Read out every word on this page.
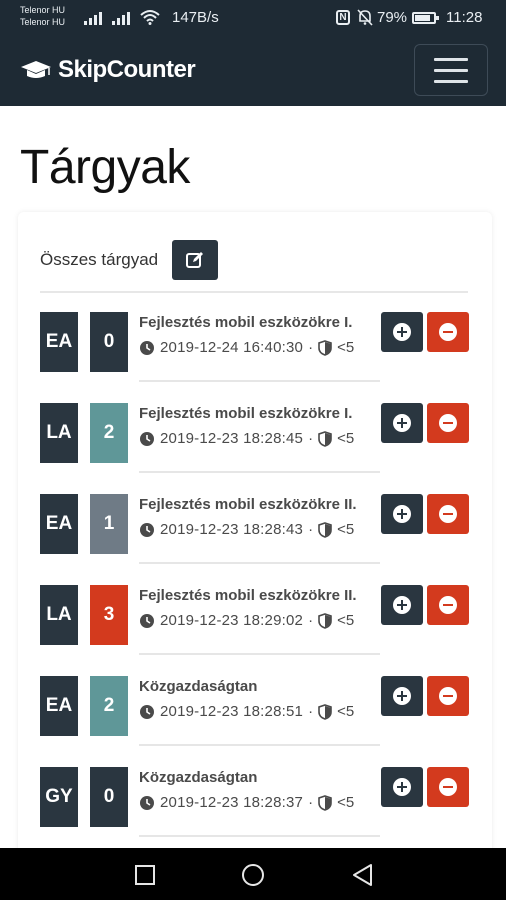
Telenor HU
Telenor HU	147B/s	N 79%	11:28
SkipCounter
Tárgyak
Összes tárgyad
EA	0
Fejlesztés mobil eszközökre I.
2019-12-24 16:40:30 · <5
LA	2
Fejlesztés mobil eszközökre I.
2019-12-23 18:28:45 · <5
EA	1
Fejlesztés mobil eszközökre II.
2019-12-23 18:28:43 · <5
LA	3
Fejlesztés mobil eszközökre II.
2019-12-23 18:29:02 · <5
EA	2
Közgazdaságtan
2019-12-23 18:28:51 · <5
GY	0
Közgazdaságtan
2019-12-23 18:28:37 · <5
